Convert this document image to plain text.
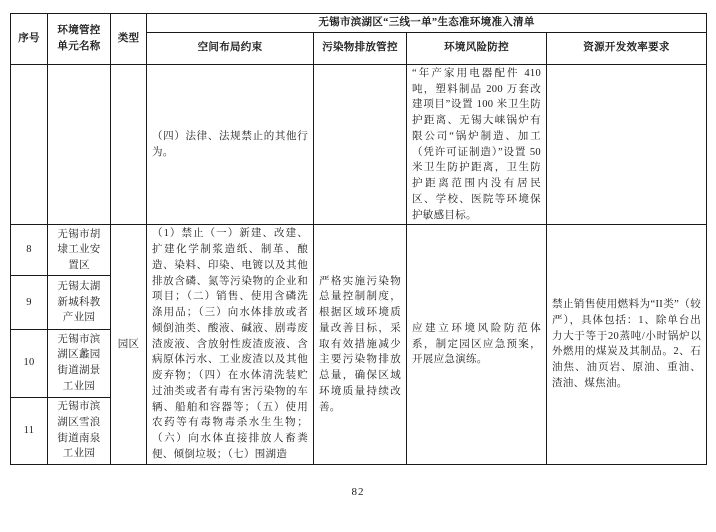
序号	环境管控单元名称	类型	无锡市滨湖区“三线一单”生态准环境准入清单			
			空间布局约束	污染物排放管控	环境风险防控	资源开发效率要求
			（四）法律、法规禁止的其他行为。		“年产家用电器配件 410 吨，塑料制品 200 万套改建项目”设置 100 米卫生防护距离、无锡大崃锅炉有限公司“锅炉制造、加工（凭许可证制造）”设置 50 米卫生防护距离，卫生防护距离范围内没有居民区、学校、医院等环境保护敏感目标。	
8	无锡市胡埭工业安置区	园区	（1）禁止（一）新建、改建、扩建化学制浆造纸、制革、酿造、染料、印染、电镀以及其他排放含磷、氮等污染物的企业和项目；（二）销售、使用含磷洗涤用品；（三）向水体排放或者倾倒油类、酸液、碱液、剧毒废渣废液、含放射性废渣废液、含病原体污水、工业废渣以及其他废弃物；（四）在水体清洗装贮过油类或者有毒有害污染物的车辆、船舶和容器等；（五）使用农药等有毒物毒杀水生生物；（六）向水体直接排放人畜粪便、倾倒垃圾；（七）围湖造	严格实施污染物总量控制制度，根据区域环境质量改善目标，采取有效措施减少主要污染物排放总量，确保区域环境质量持续改善。	应建立环境风险防范体系，制定园区应急预案，开展应急演练。	禁止销售使用燃料为“II类”（较严），具体包括：1、除单台出力大于等于20蒸吨/小时锅炉以外燃用的煤炭及其制品。2、石油焦、油页岩、原油、重油、渣油、煤焦油。
9	无锡太湖新城科教产业园					
10	无锡市滨湖区蠡园街道湖景工业园					
11	无锡市滨湖区雪浪街道南泉工业园					
82
